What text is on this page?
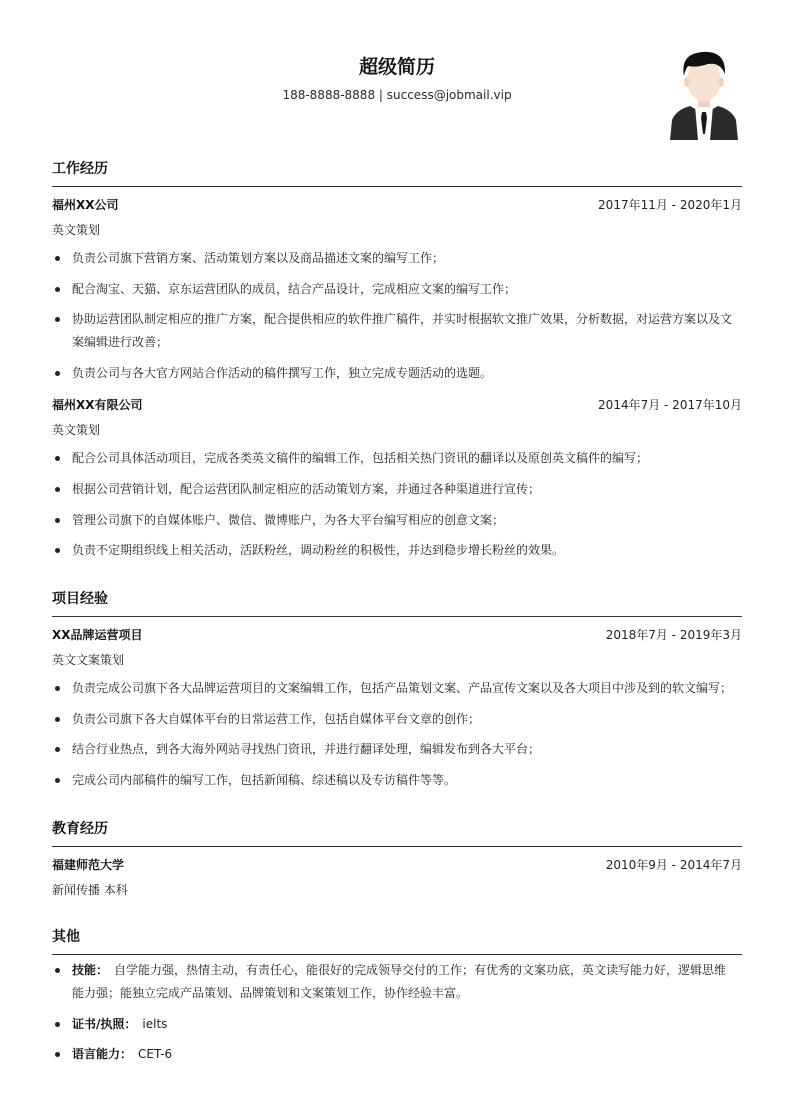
超级简历
188-8888-8888 | success@jobmail.vip
工作经历
福州XX公司	2017年11月 - 2020年1月
英文策划
负责公司旗下营销方案、活动策划方案以及商品描述文案的编写工作；
配合淘宝、天猫、京东运营团队的成员，结合产品设计，完成相应文案的编写工作；
协助运营团队制定相应的推广方案，配合提供相应的软件推广稿件，并实时根据软文推广效果，分析数据，对运营方案以及文案编辑进行改善；
负责公司与各大官方网站合作活动的稿件撰写工作，独立完成专题活动的选题。
福州XX有限公司	2014年7月 - 2017年10月
英文策划
配合公司具体活动项目，完成各类英文稿件的编辑工作，包括相关热门资讯的翻译以及原创英文稿件的编写；
根据公司营销计划，配合运营团队制定相应的活动策划方案，并通过各种渠道进行宣传；
管理公司旗下的自媒体账户、微信、微博账户，为各大平台编写相应的创意文案；
负责不定期组织线上相关活动，活跃粉丝，调动粉丝的积极性，并达到稳步增长粉丝的效果。
项目经验
XX品牌运营项目	2018年7月 - 2019年3月
英文文案策划
负责完成公司旗下各大品牌运营项目的文案编辑工作，包括产品策划文案、产品宣传文案以及各大项目中涉及到的软文编写；
负责公司旗下各大自媒体平台的日常运营工作，包括自媒体平台文章的创作；
结合行业热点，到各大海外网站寻找热门资讯，并进行翻译处理，编辑发布到各大平台；
完成公司内部稿件的编写工作，包括新闻稿、综述稿以及专访稿件等等。
教育经历
福建师范大学	2010年9月 - 2014年7月
新闻传播 本科
其他
技能： 自学能力强，热情主动，有责任心，能很好的完成领导交付的工作；有优秀的文案功底，英文读写能力好，逻辑思维能力强；能独立完成产品策划、品牌策划和文案策划工作，协作经验丰富。
证书/执照： ielts
语言能力： CET-6
